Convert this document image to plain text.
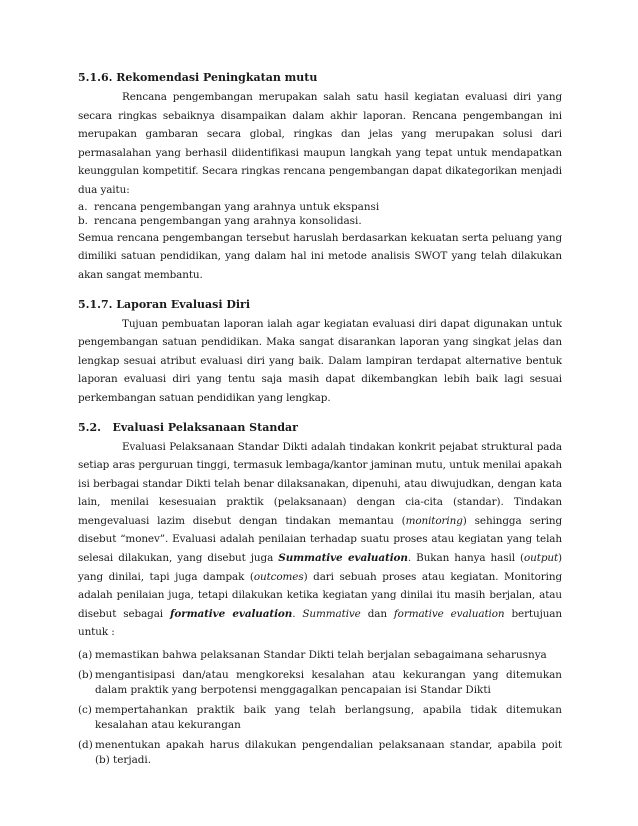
5.1.6. Rekomendasi Peningkatan mutu

Rencana pengembangan merupakan salah satu hasil kegiatan evaluasi diri yang secara ringkas sebaiknya disampaikan dalam akhir laporan. Rencana pengembangan ini merupakan gambaran secara global, ringkas dan jelas yang merupakan solusi dari permasalahan yang berhasil diidentifikasi maupun langkah yang tepat untuk mendapatkan keunggulan kompetitif. Secara ringkas rencana pengembangan dapat dikategorikan menjadi dua yaitu:

a. rencana pengembangan yang arahnya untuk ekspansi
b. rencana pengembangan yang arahnya konsolidasi.

Semua rencana pengembangan tersebut haruslah berdasarkan kekuatan serta peluang yang dimiliki satuan pendidikan, yang dalam hal ini metode analisis SWOT yang telah dilakukan akan sangat membantu.

5.1.7. Laporan Evaluasi Diri

Tujuan pembuatan laporan ialah agar kegiatan evaluasi diri dapat digunakan untuk pengembangan satuan pendidikan. Maka sangat disarankan laporan yang singkat jelas dan lengkap sesuai atribut evaluasi diri yang baik. Dalam lampiran terdapat alternative bentuk laporan evaluasi diri yang tentu saja masih dapat dikembangkan lebih baik lagi sesuai perkembangan satuan pendidikan yang lengkap.

5.2.   Evaluasi Pelaksanaan Standar

Evaluasi Pelaksanaan Standar Dikti adalah tindakan konkrit pejabat struktural pada setiap aras perguruan tinggi, termasuk lembaga/kantor jaminan mutu, untuk menilai apakah isi berbagai standar Dikti telah benar dilaksanakan, dipenuhi, atau diwujudkan, dengan kata lain, menilai kesesuaian praktik (pelaksanaan) dengan cia-cita (standar). Tindakan mengevaluasi lazim disebut dengan tindakan memantau (monitoring) sehingga sering disebut “monev”. Evaluasi adalah penilaian terhadap suatu proses atau kegiatan yang telah selesai dilakukan, yang disebut juga Summative evaluation. Bukan hanya hasil (output) yang dinilai, tapi juga dampak (outcomes) dari sebuah proses atau kegiatan. Monitoring adalah penilaian juga, tetapi dilakukan ketika kegiatan yang dinilai itu masih berjalan, atau disebut sebagai formative evaluation. Summative dan formative evaluation bertujuan untuk :

(a) memastikan bahwa pelaksanan Standar Dikti telah berjalan sebagaimana seharusnya
(b) mengantisipasi dan/atau mengkoreksi kesalahan atau kekurangan yang ditemukan dalam praktik yang berpotensi menggagalkan pencapaian isi Standar Dikti
(c) mempertahankan praktik baik yang telah berlangsung, apabila tidak ditemukan kesalahan atau kekurangan
(d) menentukan apakah harus dilakukan pengendalian pelaksanaan standar, apabila poit (b) terjadi.
